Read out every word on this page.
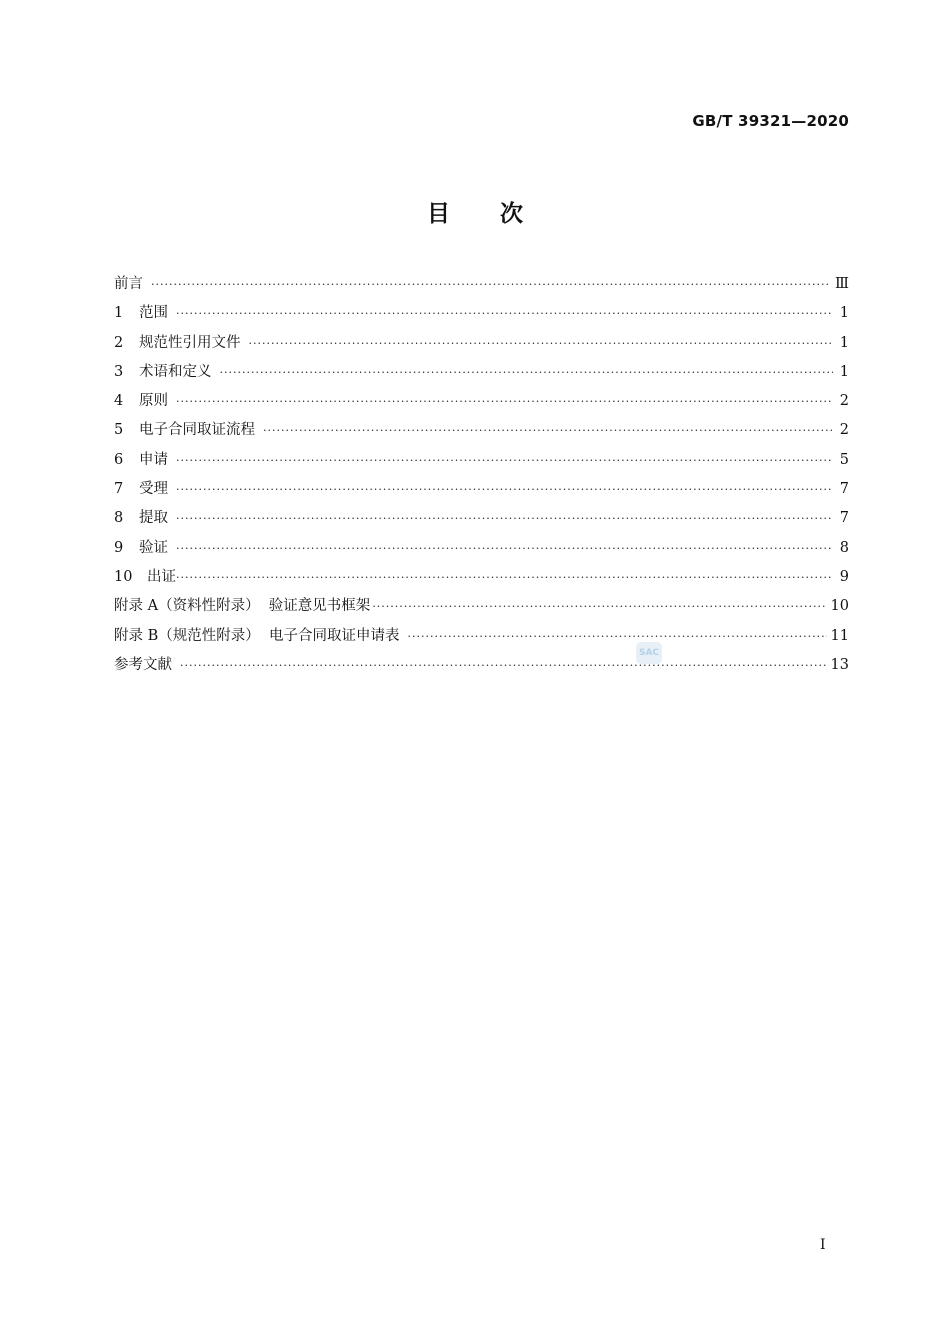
GB/T 39321—2020
目次
前言 ·····	Ⅲ
1	范围 ·····	1
2	规范性引用文件 ·····	1
3	术语和定义 ·····	1
4	原则 ·····	2
5	电子合同取证流程 ·····	2
6	申请 ·····	5
7	受理 ·····	7
8	提取 ·····	7
9	验证 ·····	8
10	出证 ·····	9
附录 A（资料性附录）  验证意见书框架 ·····	10
附录 B（规范性附录）  电子合同取证申请表 ·····	11
参考文献 ·····	13
SAC
I
